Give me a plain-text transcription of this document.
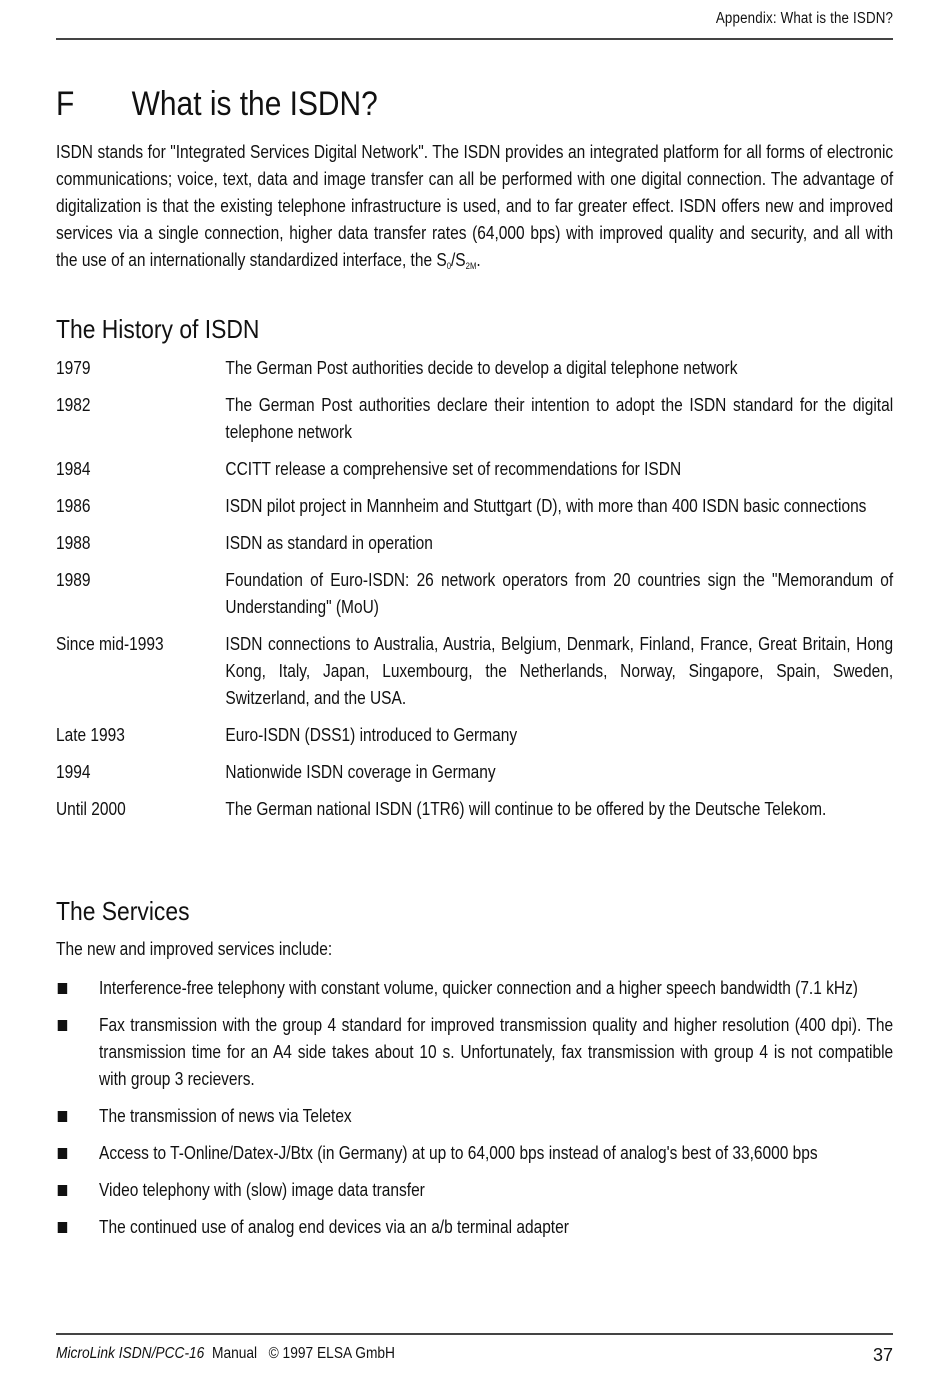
Appendix: What is the ISDN?
F What is the ISDN?
ISDN stands for "Integrated Services Digital Network". The ISDN provides an integrated platform for all forms of electronic communications; voice, text, data and image transfer can all be performed with one digital connection. The advantage of digitalization is that the existing telephone infrastructure is used, and to far greater effect. ISDN offers new and improved services via a single connection, higher data transfer rates (64,000 bps) with improved quality and security, and all with the use of an internationally standardized interface, the $S_0/S_{2M}$.
The History of ISDN
1979	The German Post authorities decide to develop a digital telephone network
1982	The German Post authorities declare their intention to adopt the ISDN standard for the digital telephone network
1984	CCITT release a comprehensive set of recommendations for ISDN
1986	ISDN pilot project in Mannheim and Stuttgart (D), with more than 400 ISDN basic connections
1988	ISDN as standard in operation
1989	Foundation of Euro-ISDN: 26 network operators from 20 countries sign the "Memorandum of Understanding" (MoU)
Since mid-1993	ISDN connections to Australia, Austria, Belgium, Denmark, Finland, France, Great Britain, Hong Kong, Italy, Japan, Luxembourg, the Netherlands, Norway, Singapore, Spain, Sweden, Switzerland, and the USA.
Late 1993	Euro-ISDN (DSS1) introduced to Germany
1994	Nationwide ISDN coverage in Germany
Until 2000	The German national ISDN (1TR6) will continue to be offered by the Deutsche Telekom.
The Services
The new and improved services include:
Interference-free telephony with constant volume, quicker connection and a higher speech bandwidth (7.1 kHz)
Fax transmission with the group 4 standard for improved transmission quality and higher resolution (400 dpi). The transmission time for an A4 side takes about 10 s. Unfortunately, fax transmission with group 4 is not compatible with group 3 recievers.
The transmission of news via Teletex
Access to T-Online/Datex-J/Btx (in Germany) at up to 64,000 bps instead of analog's best of 33,6000 bps
Video telephony with (slow) image data transfer
The continued use of analog end devices via an a/b terminal adapter
MicroLink ISDN/PCC-16 Manual © 1997 ELSA GmbH	37
